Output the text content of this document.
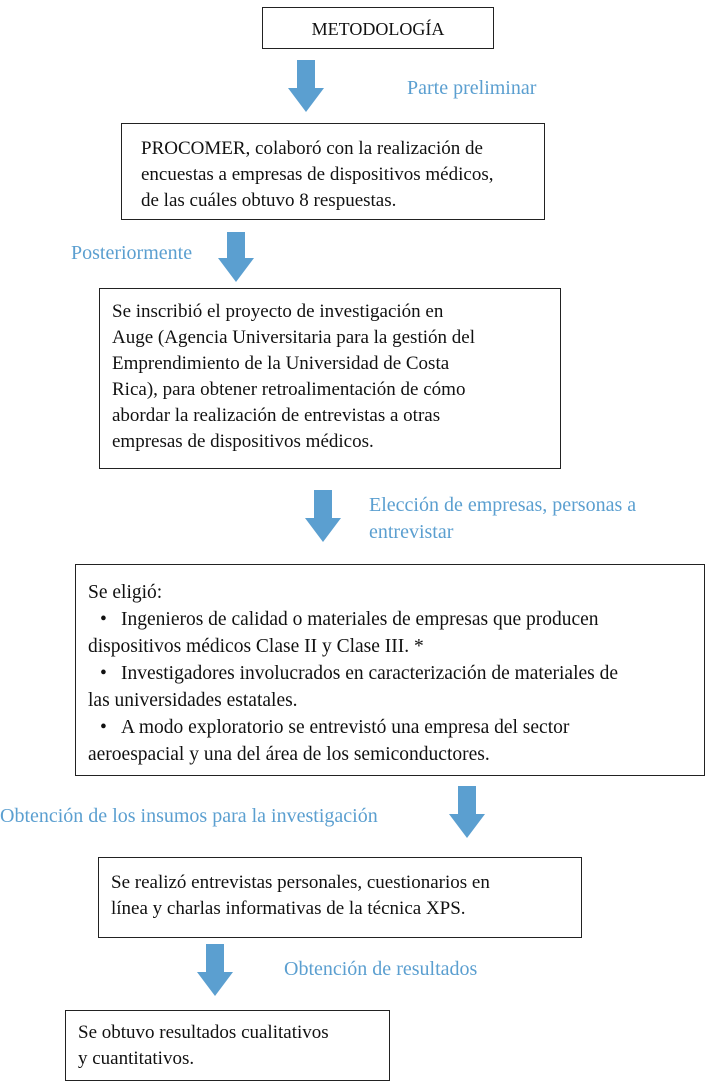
METODOLOGÍA
Parte preliminar
PROCOMER, colaboró con la realización de
encuestas a empresas de dispositivos médicos,
de las cuáles obtuvo 8 respuestas.
Posteriormente
Se inscribió el proyecto de investigación en
Auge (Agencia Universitaria para la gestión del
Emprendimiento de la Universidad de Costa
Rica), para obtener retroalimentación de cómo
abordar la realización de entrevistas a otras
empresas de dispositivos médicos.
Elección de empresas, personas a
entrevistar
Se eligió:
• Ingenieros de calidad o materiales de empresas que producen
dispositivos médicos Clase II y Clase III. *
• Investigadores involucrados en caracterización de materiales de
las universidades estatales.
• A modo exploratorio se entrevistó una empresa del sector
aeroespacial y una del área de los semiconductores.
Obtención de los insumos para la investigación
Se realizó entrevistas personales, cuestionarios en
línea y charlas informativas de la técnica XPS.
Obtención de resultados
Se obtuvo resultados cualitativos
y cuantitativos.
